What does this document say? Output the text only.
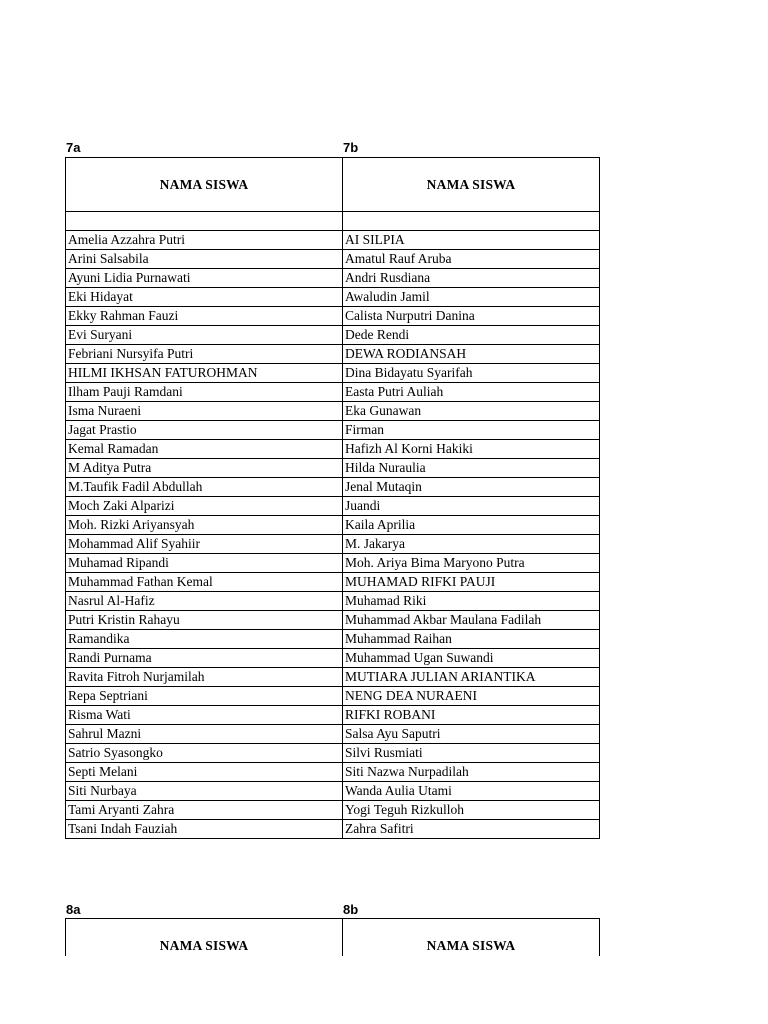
7a	7b
NAMA SISWA	NAMA SISWA

Amelia Azzahra Putri	AI SILPIA
Arini Salsabila	Amatul Rauf Aruba
Ayuni Lidia Purnawati	Andri Rusdiana
Eki Hidayat	Awaludin Jamil
Ekky Rahman Fauzi	Calista Nurputri Danina
Evi Suryani	Dede Rendi
Febriani Nursyifa Putri	DEWA RODIANSAH
HILMI IKHSAN FATUROHMAN	Dina Bidayatu Syarifah
Ilham Pauji Ramdani	Easta Putri Auliah
Isma Nuraeni	Eka Gunawan
Jagat Prastio	Firman
Kemal Ramadan	Hafizh Al Korni Hakiki
M Aditya Putra	Hilda Nuraulia
M.Taufik Fadil Abdullah	Jenal Mutaqin
Moch Zaki Alparizi	Juandi
Moh. Rizki Ariyansyah	Kaila Aprilia
Mohammad Alif Syahiir	M. Jakarya
Muhamad Ripandi	Moh. Ariya Bima Maryono Putra
Muhammad Fathan Kemal	MUHAMAD RIFKI PAUJI
Nasrul Al-Hafiz	Muhamad Riki
Putri Kristin Rahayu	Muhammad Akbar Maulana Fadilah
Ramandika	Muhammad Raihan
Randi Purnama	Muhammad Ugan Suwandi
Ravita Fitroh Nurjamilah	MUTIARA JULIAN ARIANTIKA
Repa Septriani	NENG DEA NURAENI
Risma Wati	RIFKI ROBANI
Sahrul Mazni	Salsa Ayu Saputri
Satrio Syasongko	Silvi Rusmiati
Septi Melani	Siti Nazwa Nurpadilah
Siti Nurbaya	Wanda Aulia Utami
Tami Aryanti Zahra	Yogi Teguh Rizkulloh
Tsani Indah Fauziah	Zahra Safitri
8a	8b
NAMA SISWA	NAMA SISWA
